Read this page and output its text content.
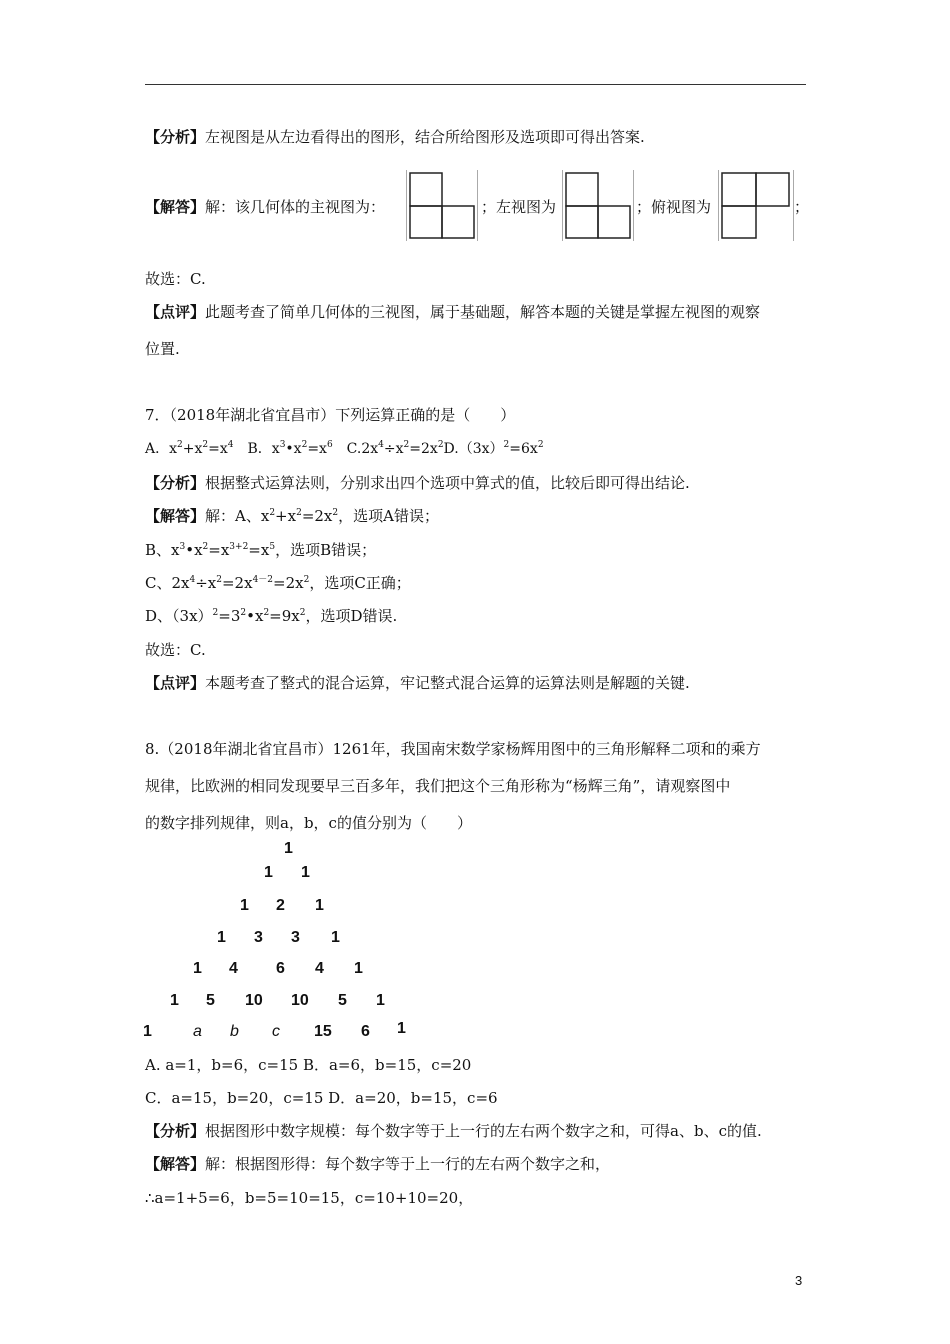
【分析】左视图是从左边看得出的图形，结合所给图形及选项即可得出答案.
【解答】解：该几何体的主视图为：	；左视图为	；俯视图为	；
故选：C.
【点评】此题考查了简单几何体的三视图，属于基础题，解答本题的关键是掌握左视图的观察
位置.
7．（2018年湖北省宜昌市）下列运算正确的是（　　）
A．$x^2+x^2=x^4$　B．$x^3•x^2=x^6$　$C.2x^4\div x^2=2x^2D.(3x)^2=6x^2$
【分析】根据整式运算法则，分别求出四个选项中算式的值，比较后即可得出结论.
【解答】解：A、$x^2+x^2=2x^2$，选项A错误；
B、$x^3•x^2=x^{3+2}=x^5$，选项B错误；
C、$2x^4\div x^2=2x^{4-2}=2x^2$，选项C正确；
D、$(3x)^2=3^2•x^2=9x^2$，选项D错误.
故选：C.
【点评】本题考查了整式的混合运算，牢记整式混合运算的运算法则是解题的关键.
8.（2018年湖北省宜昌市）1261年，我国南宋数学家杨辉用图中的三角形解释二项和的乘方
规律，比欧洲的相同发现要早三百多年，我们把这个三角形称为“杨辉三角”，请观察图中
的数字排列规律，则a，b，c的值分别为（　　）
1
1 1
1 2 1
1 3 3 1
1 4 6 4 1
1 5 10 10 5 1
1	a b c 15 6 1
A. a=1，b=6，c=15 B．a=6，b=15，c=20
C．a=15，b=20，c=15 D．a=20，b=15，c=6
【分析】根据图形中数字规模：每个数字等于上一行的左右两个数字之和，可得a、b、c的值.
【解答】解：根据图形得：每个数字等于上一行的左右两个数字之和，
∴a=1+5=6，b=5=10=15，c=10+10=20，
3
